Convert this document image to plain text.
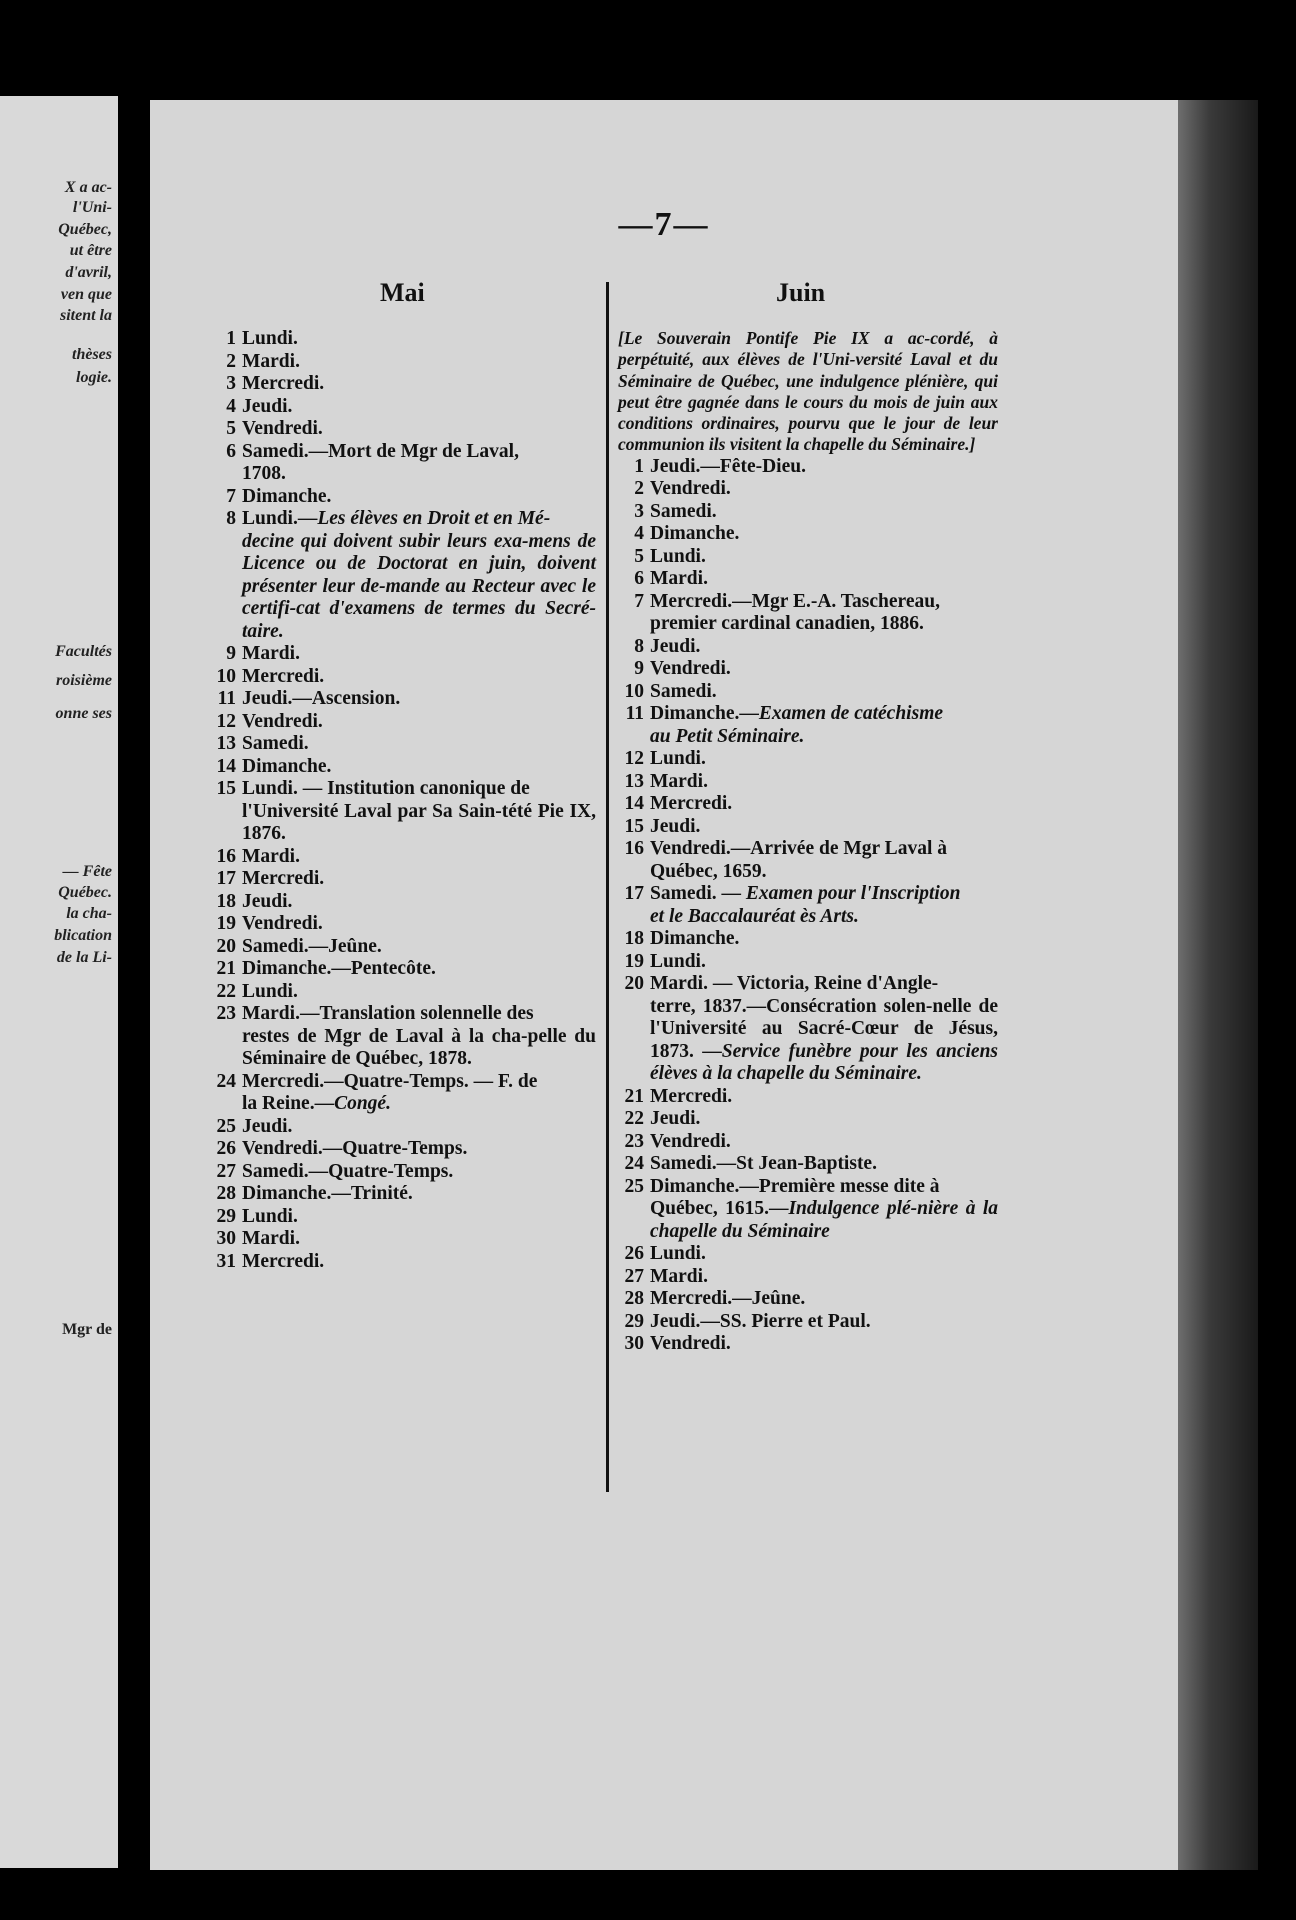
X a ac-
l'Uni-
Québec,
ut être
d'avril,
ven que
sitent la
thèses
logie.
Facultés
roisième
onne ses
— Fête
Québec.
la cha-
blication
de la Li-
Mgr de
—7—
Mai	Juin
1 Lundi.
2 Mardi.
3 Mercredi.
4 Jeudi.
5 Vendredi.
6 Samedi.—Mort de Mgr de Laval,
1708.
7 Dimanche.
8 Lundi.—Les élèves en Droit et en Mé-
decine qui doivent subir leurs exa-mens de Licence ou de Doctorat en juin, doivent présenter leur de-mande au Recteur avec le certifi-cat d'examens de termes du Secré-taire.
9 Mardi.
10 Mercredi.
11 Jeudi.—Ascension.
12 Vendredi.
13 Samedi.
14 Dimanche.
15 Lundi. — Institution canonique de
l'Université Laval par Sa Sain-tété Pie IX, 1876.
16 Mardi.
17 Mercredi.
18 Jeudi.
19 Vendredi.
20 Samedi.—Jeûne.
21 Dimanche.—Pentecôte.
22 Lundi.
23 Mardi.—Translation solennelle des
restes de Mgr de Laval à la cha-pelle du Séminaire de Québec, 1878.
24 Mercredi.—Quatre-Temps. — F. de
la Reine.—Congé.
25 Jeudi.
26 Vendredi.—Quatre-Temps.
27 Samedi.—Quatre-Temps.
28 Dimanche.—Trinité.
29 Lundi.
30 Mardi.
31 Mercredi.
[Le Souverain Pontife Pie IX a ac-cordé, à perpétuité, aux élèves de l'Uni-versité Laval et du Séminaire de Québec, une indulgence plénière, qui peut être gagnée dans le cours du mois de juin aux conditions ordinaires, pourvu que le jour de leur communion ils visitent la chapelle du Séminaire.]
1 Jeudi.—Fête-Dieu.
2 Vendredi.
3 Samedi.
4 Dimanche.
5 Lundi.
6 Mardi.
7 Mercredi.—Mgr E.-A. Taschereau,
premier cardinal canadien, 1886.
8 Jeudi.
9 Vendredi.
10 Samedi.
11 Dimanche.—Examen de catéchisme
au Petit Séminaire.
12 Lundi.
13 Mardi.
14 Mercredi.
15 Jeudi.
16 Vendredi.—Arrivée de Mgr Laval à
Québec, 1659.
17 Samedi. — Examen pour l'Inscription
et le Baccalauréat ès Arts.
18 Dimanche.
19 Lundi.
20 Mardi. — Victoria, Reine d'Angle-
terre, 1837.—Consécration solen-nelle de l'Université au Sacré-Cœur de Jésus, 1873. —Service funèbre pour les anciens élèves à la chapelle du Séminaire.
21 Mercredi.
22 Jeudi.
23 Vendredi.
24 Samedi.—St Jean-Baptiste.
25 Dimanche.—Première messe dite à
Québec, 1615.—Indulgence plé-nière à la chapelle du Séminaire
26 Lundi.
27 Mardi.
28 Mercredi.—Jeûne.
29 Jeudi.—SS. Pierre et Paul.
30 Vendredi.
